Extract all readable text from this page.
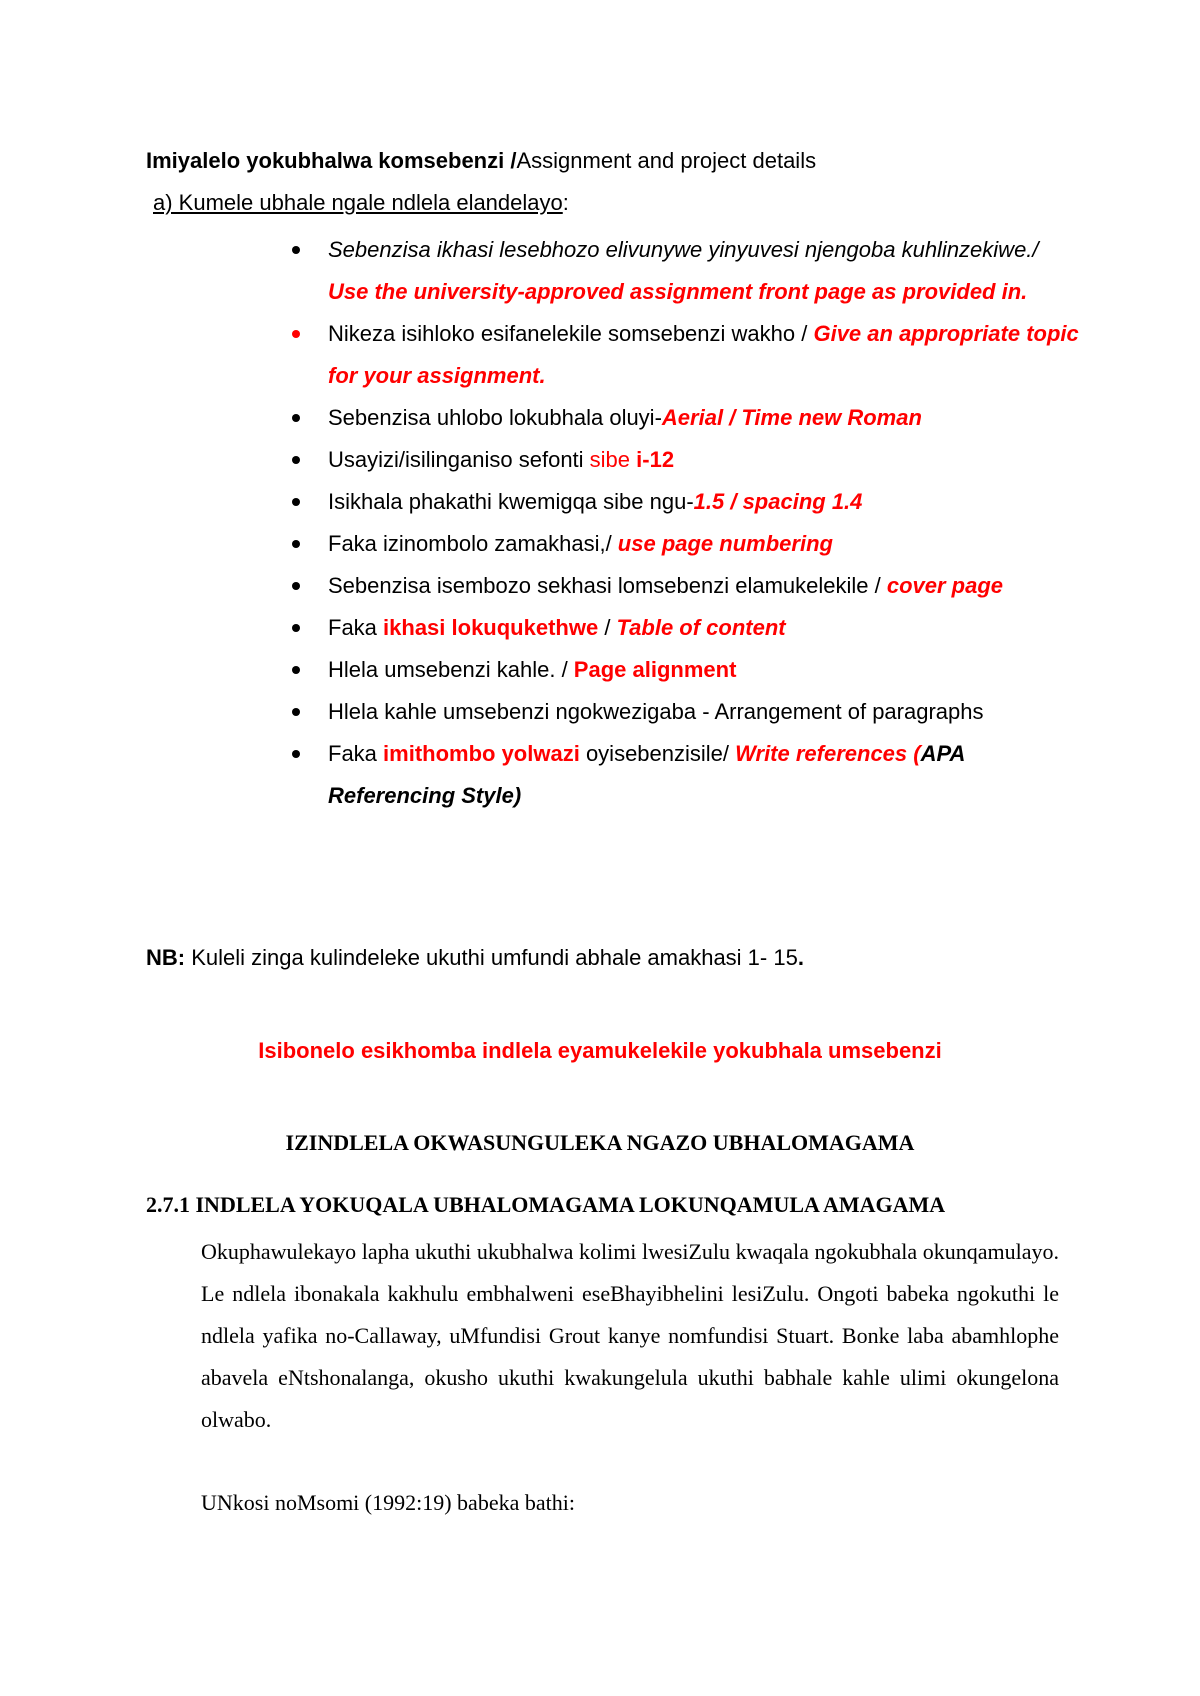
Imiyalelo yokubhalwa komsebenzi /Assignment and project details
a) Kumele ubhale ngale ndlela elandelayo:
Sebenzisa ikhasi lesebhozo elivunywe yinyuvesi njengoba kuhlinzekiwe./ Use the university-approved assignment front page as provided in.
Nikeza isihloko esifanelekile somsebenzi wakho / Give an appropriate topic for your assignment.
Sebenzisa uhlobo lokubhala oluyi-Aerial / Time new Roman
Usayizi/isilinganiso sefonti sibe i-12
Isikhala phakathi kwemigqa sibe ngu-1.5 / spacing 1.4
Faka izinombolo zamakhasi,/ use page numbering
Sebenzisa isembozo sekhasi lomsebenzi elamukelekile / cover page
Faka ikhasi lokuqukethwe / Table of content
Hlela umsebenzi kahle. / Page alignment
Hlela kahle umsebenzi ngokwezigaba - Arrangement of paragraphs
Faka imithombo yolwazi oyisebenzisile/ Write references (APA Referencing Style)
NB: Kuleli zinga kulindeleke ukuthi umfundi abhale amakhasi 1- 15.
Isibonelo esikhomba indlela eyamukelekile yokubhala umsebenzi
IZINDLELA OKWASUNGULEKA NGAZO UBHALOMAGAMA
2.7.1 INDLELA YOKUQALA UBHALOMAGAMA LOKUNQAMULA AMAGAMA

Okuphawulekayo lapha ukuthi ukubhalwa kolimi lwesiZulu kwaqala ngokubhala okunqamulayo. Le ndlela ibonakala kakhulu embhalweni eseBhayibhelini lesiZulu. Ongoti babeka ngokuthi le ndlela yafika no-Callaway, uMfundisi Grout kanye nomfundisi Stuart. Bonke laba abamhlophe abavela eNtshonalanga, okusho ukuthi kwakungelula ukuthi babhale kahle ulimi okungelona olwabo.

UNkosi noMsomi (1992:19) babeka bathi:
